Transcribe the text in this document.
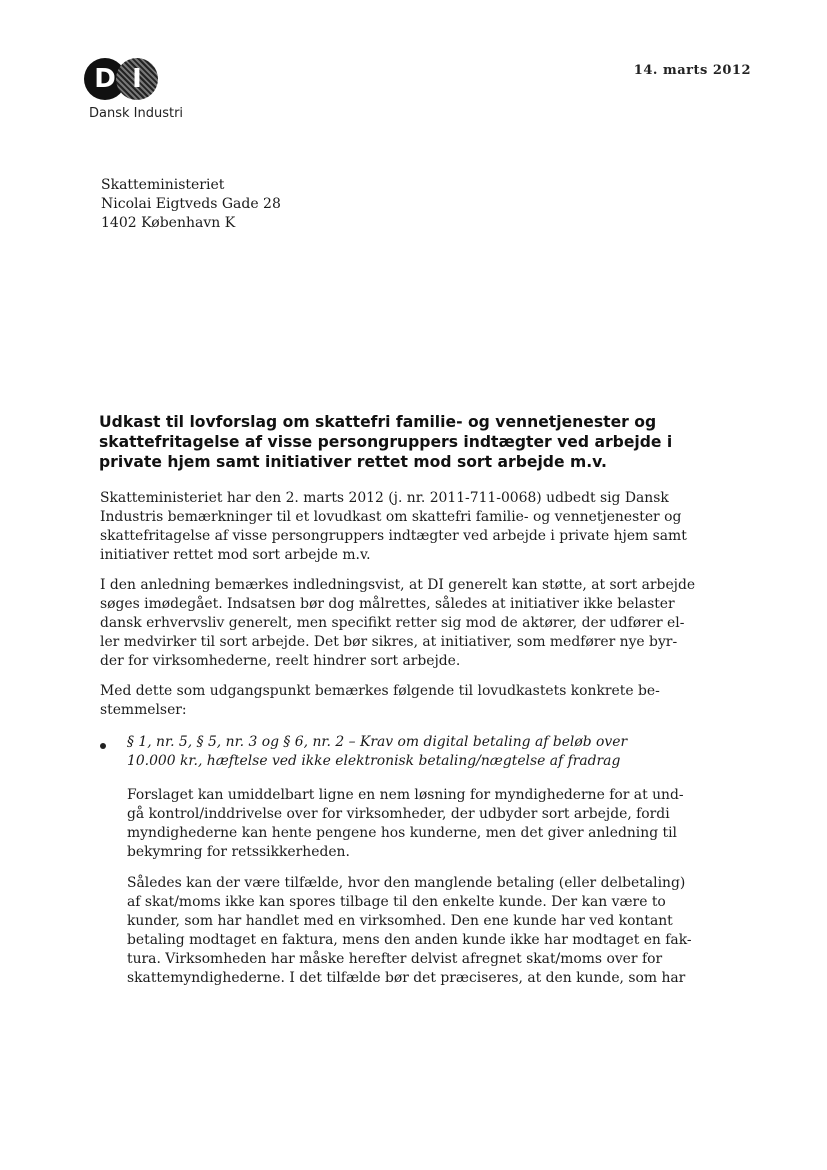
D I
Dansk Industri
14. marts 2012
Skatteministeriet
Nicolai Eigtveds Gade 28
1402 København K
Udkast til lovforslag om skattefri familie- og vennetjenester og
skattefritagelse af visse persongruppers indtægter ved arbejde i
private hjem samt initiativer rettet mod sort arbejde m.v.
Skatteministeriet har den 2. marts 2012 (j. nr. 2011-711-0068) udbedt sig Dansk
Industris bemærkninger til et lovudkast om skattefri familie- og vennetjenester og
skattefritagelse af visse persongruppers indtægter ved arbejde i private hjem samt
initiativer rettet mod sort arbejde m.v.
I den anledning bemærkes indledningsvist, at DI generelt kan støtte, at sort arbejde
søges imødegået. Indsatsen bør dog målrettes, således at initiativer ikke belaster
dansk erhvervsliv generelt, men specifikt retter sig mod de aktører, der udfører el-
ler medvirker til sort arbejde. Det bør sikres, at initiativer, som medfører nye byr-
der for virksomhederne, reelt hindrer sort arbejde.
Med dette som udgangspunkt bemærkes følgende til lovudkastets konkrete be-
stemmelser:
§ 1, nr. 5, § 5, nr. 3 og § 6, nr. 2 – Krav om digital betaling af beløb over
10.000 kr., hæftelse ved ikke elektronisk betaling/nægtelse af fradrag
Forslaget kan umiddelbart ligne en nem løsning for myndighederne for at und-
gå kontrol/inddrivelse over for virksomheder, der udbyder sort arbejde, fordi
myndighederne kan hente pengene hos kunderne, men det giver anledning til
bekymring for retssikkerheden.
Således kan der være tilfælde, hvor den manglende betaling (eller delbetaling)
af skat/moms ikke kan spores tilbage til den enkelte kunde. Der kan være to
kunder, som har handlet med en virksomhed. Den ene kunde har ved kontant
betaling modtaget en faktura, mens den anden kunde ikke har modtaget en fak-
tura. Virksomheden har måske herefter delvist afregnet skat/moms over for
skattemyndighederne. I det tilfælde bør det præciseres, at den kunde, som har
